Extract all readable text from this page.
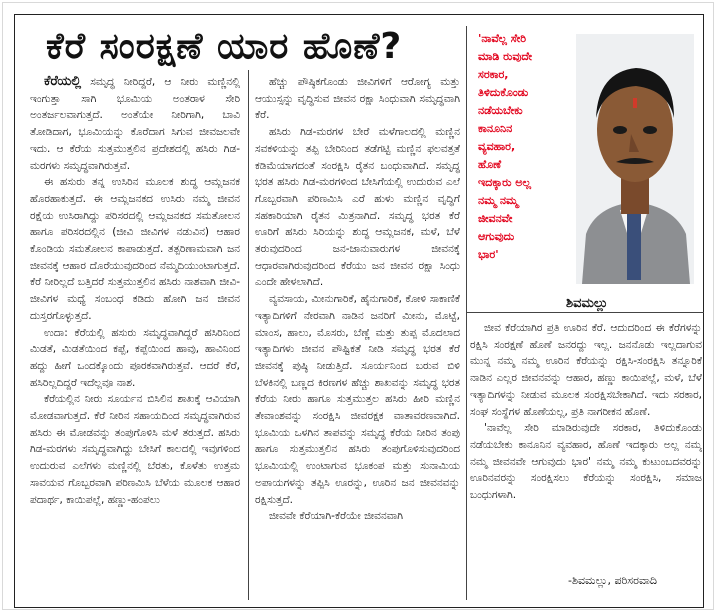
ಕೆರೆ ಸಂರಕ್ಷಣೆ ಯಾರ ಹೊಣೆ?

ಕೆರೆಯಲ್ಲಿ ಸಮೃದ್ಧ ನೀರಿದ್ದರೆ, ಆ ನೀರು ಮಣ್ಣಿನಲ್ಲಿ ಇಂಗುತ್ತಾ ಸಾಗಿ ಭೂಮಿಯ ಅಂತರಾಳ ಸೇರಿ ಅಂತರ್ಜಲವಾಗುತ್ತದೆ. ಅಂತೆಯೇ ನೀರಿಗಾಗಿ, ಬಾವಿ ತೋಡಿದಾಗ, ಭೂಮಿಯನ್ನು ಕೊರೆದಾಗ ಸಿಗುವ ಜೀವಜಲವೇ ಇದು. ಆ ಕೆರೆಯ ಸುತ್ತಮುತ್ತಲಿನ ಪ್ರದೇಶದಲ್ಲಿ ಹಸಿರು ಗಿಡ-ಮರಗಳು ಸಮೃದ್ಧವಾಗಿರುತ್ತವೆ.

ಈ ಹಸುರು ತನ್ನ ಉಸಿರಿನ ಮೂಲಕ ಶುದ್ಧ ಆಮ್ಲಜನಕ ಹೊರಹಾಕುತ್ತದೆ. ಈ ಆಮ್ಲಜನಕದ ಉಸಿರು ನಮ್ಮ ಜೀವನ ರಕ್ಷೆಯ ಉಸಿರಾಗಿದ್ದು ಪರಿಸರದಲ್ಲಿ ಆಮ್ಲಜನಕದ ಸಮತೋಲನ ಹಾಗೂ ಪರಿಸರದಲ್ಲಿನ (ಜೀವಿ ಜೀವಿಗಳ ನಡುವಿನ) ಆಹಾರ ಕೊಂಡಿಯ ಸಮತೋಲನ ಕಾಪಾಡುತ್ತದೆ. ತತ್ಪರಿಣಾಮವಾಗಿ ಜನ ಜೀವನಕ್ಕೆ ಆಹಾರ ದೊರೆಯುವುದರಿಂದ ನೆಮ್ಮದಿಯುಂಟಾಗುತ್ತದೆ. ಕೆರೆ ನೀರಿಲ್ಲದೆ ಬತ್ತಿದರೆ ಸುತ್ತಮುತ್ತಲಿನ ಹಸಿರು ನಾಶವಾಗಿ ಜೀವಿ-ಜೀವಿಗಳ ಮಧ್ಯೆ ಸಂಬಂಧ ಕಡಿದು ಹೋಗಿ ಜನ ಜೀವನ ದುಸ್ತರಗೊಳ್ಳುತ್ತದೆ.

ಉದಾ: ಕೆರೆಯಲ್ಲಿ ಹಸುರು ಸಮೃದ್ಧವಾಗಿದ್ದರೆ ಹಸಿರಿನಿಂದ ಮಿಡತೆ, ಮಿಡತೆಯಿಂದ ಕಪ್ಪೆ, ಕಪ್ಪೆಯಿಂದ ಹಾವು, ಹಾವಿನಿಂದ ಹದ್ದು ಹೀಗೆ ಒಂದಕ್ಕೊಂದು ಪೂರಕವಾಗಿರುತ್ತವೆ. ಆದರೆ ಕೆರೆ, ಹಸಿರಿಲ್ಲದಿದ್ದರೆ ಇದೆಲ್ಲವೂ ನಾಶ.

ಕೆರೆಯಲ್ಲಿನ ನೀರು ಸೂರ್ಯನ ಬಿಸಿಲಿನ ಶಾಖಕ್ಕೆ ಆವಿಯಾಗಿ ಮೋಡವಾಗುತ್ತದೆ. ಕೆರೆ ನೀರಿನ ಸಹಾಯದಿಂದ ಸಮೃದ್ಧವಾಗಿರುವ ಹಸಿರು ಈ ಮೋಡವನ್ನು ತಂಪುಗೊಳಿಸಿ ಮಳೆ ತರುತ್ತದೆ. ಹಸಿರು ಗಿಡ-ಮರಗಳು ಸಮೃದ್ಧವಾಗಿದ್ದು ಬೇಸಿಗೆ ಕಾಲದಲ್ಲಿ ಇವುಗಳಿಂದ ಉದುರುವ ಎಲೆಗಳು ಮಣ್ಣಿನಲ್ಲಿ ಬೆರತು, ಕೊಳೆತು ಉತ್ತಮ ಸಾವಯವ ಗೊಬ್ಬರವಾಗಿ ಪರಿಣಮಿಸಿ ಬೆಳೆಯ ಮೂಲಕ ಆಹಾರ ಪದಾರ್ಥ, ಕಾಯಿಪಲ್ಲೆ, ಹಣ್ಣು-ಹಂಪಲು

ಹೆಚ್ಚು ಪೌಷ್ಠಿಕಗೊಂಡು ಜೀವಿಗಳಿಗೆ ಆರೋಗ್ಯ ಮತ್ತು ಆಯುಸ್ಸನ್ನು ವೃದ್ಧಿಸುವ ಜೀವನ ರಕ್ಷಾ ಸಿಂಧುವಾಗಿ ಸಮೃದ್ಧವಾಗಿ ಕೆರೆ.

ಹಸಿರು ಗಿಡ-ಮರಗಳ ಬೇರೆ ಮಳೆಗಾಲದಲ್ಲಿ ಮಣ್ಣಿನ ಸವಕಳಿಯನ್ನು ತಪ್ಪಿ ಬೇರಿನಿಂದ ತಡೆಗಟ್ಟಿ ಮಣ್ಣಿನ ಫಲವತ್ತತೆ ಕಡಿಮೆಯಾಗದಂತೆ ಸಂರಕ್ಷಿಸಿ ರೈತನ ಬಂಧುವಾಗಿದೆ. ಸಮೃದ್ಧ ಭರತ ಹಸಿರು ಗಿಡ-ಮರಗಳಿಂದ ಬೇಸಿಗೆಯಲ್ಲಿ ಉದುರುವ ಎಲೆ ಗೊಬ್ಬರವಾಗಿ ಪರಿಣಮಿಸಿ ಎರೆ ಹುಳು ಮಣ್ಣಿನ ವೃದ್ಧಿಗೆ ಸಹಕಾರಿಯಾಗಿ ರೈತನ ಮಿತ್ರನಾಗಿದೆ. ಸಮೃದ್ಧ ಭರತ ಕೆರೆ ಊರಿಗೆ ಹಸಿರು ಸಿರಿಯನ್ನು ಶುದ್ಧ ಆಮ್ಲಜನಕ, ಮಳೆ, ಬೆಳೆ ತರುವುದರಿಂದ ಜನ-ಜಾನುವಾರುಗಳ ಜೀವನಕ್ಕೆ ಆಧಾರವಾಗಿರುವುದರಿಂದ ಕೆರೆಯು ಜನ ಜೀವನ ರಕ್ಷಾ ಸಿಂಧು ಎಂದೇ ಹೇಳಲಾಗಿದೆ.

ವ್ಯವಸಾಯ, ಮೀನುಗಾರಿಕೆ, ಹೈನುಗಾರಿಕೆ, ಕೋಳಿ ಸಾಕಾಣಿಕೆ ಇತ್ಯಾದಿಗಳಿಗೆ ನೇರವಾಗಿ ನಾಡಿನ ಜನರಿಗೆ ಮೀನು, ಮೊಟ್ಟೆ, ಮಾಂಸ, ಹಾಲು, ಮೊಸರು, ಬೆಣ್ಣೆ ಮತ್ತು ತುಪ್ಪ ಮೊದಲಾದ ಇತ್ಯಾದಿಗಳು ಜೀವನ ಪೌಷ್ಟಿಕತೆ ನೀಡಿ ಸಮೃದ್ಧ ಭರತ ಕೆರೆ ಜೀವನಕ್ಕೆ ಪುಷ್ಠಿ ನೀಡುತ್ತಿದೆ. ಸೂರ್ಯನಿಂದ ಬರುವ ಬಿಳಿ ಬೆಳಕಿನಲ್ಲಿ ಬಣ್ಣದ ಕಿರಣಗಳ ಹೆಚ್ಚು ಶಾಖವನ್ನು ಸಮೃದ್ಧ ಭರತ ಕೆರೆಯ ನೀರು ಹಾಗೂ ಸುತ್ತಮುತ್ತಲ ಹಸಿರು ಹೀರಿ ಮಣ್ಣಿನ ತೇವಾಂಶವನ್ನು ಸಂರಕ್ಷಿಸಿ ಜೀವರಕ್ಷಕ ವಾತಾವರಣವಾಗಿದೆ. ಭೂಮಿಯ ಒಳಗಿನ ತಾಪವನ್ನು ಸಮೃದ್ಧ ಕೆರೆಯ ನೀರಿನ ತಂಪು ಹಾಗೂ ಸುತ್ತಮುತ್ತಲಿನ ಹಸಿರು ತಂಪುಗೊಳಿಸುವುದರಿಂದ ಭೂಮಿಯಲ್ಲಿ ಉಂಟಾಗುವ ಭೂಕಂಪ ಮತ್ತು ಸುನಾಮಿಯ ಅಪಾಯಗಳನ್ನು ತಪ್ಪಿಸಿ ಊರನ್ನು, ಊರಿನ ಜನ ಜೀವನವನ್ನು ರಕ್ಷಿಸುತ್ತದೆ.

ಜೀವವೇ ಕೆರೆಯಾಗಿ-ಕೆರೆಯೇ ಜೀವನವಾಗಿ

'ನಾವೆಲ್ಲ ಸೇರಿ
ಮಾಡಿ ರುವುದೇ
ಸರಕಾರ,
ತಿಳಿದುಕೊಂಡು
ನಡೆಯಬೇಕು
ಕಾನೂನಿನ
ವ್ಯವಹಾರ,
ಹೊಣೆ
ಇದಕ್ಕಾರು ಅಲ್ಲ
ನಮ್ಮ ನಮ್ಮ
ಜೀವನವೇ
ಆಗುವುದು
ಭಾರ'
ಶಿವಮಲ್ಲು

ಜೀವ ಕೆರೆಯಾಗಿರ ಪ್ರತಿ ಊರಿನ ಕೆರೆ. ಆದುದರಿಂದ ಈ ಕೆರೆಗಳನ್ನು ರಕ್ಷಿಸಿ ಸಂರಕ್ಷಣೆ ಹೊಣೆ ಜನರದ್ದು ಇಲ್ಲ. ಜನನೊಡು ಇಲ್ಲದಾಗುವ ಮುನ್ನ ನಮ್ಮ ನಮ್ಮ ಊರಿನ ಕೆರೆಯನ್ನು ರಕ್ಷಿಸಿ-ಸಂರಕ್ಷಿಸಿ ತನ್ನೂರಿಕೆ ನಾಡಿನ ಎಲ್ಲರ ಜೀವನವನ್ನು ಆಹಾರ, ಹಣ್ಣು ಕಾಯಿಪಲ್ಲೆ, ಮಳೆ, ಬೆಳೆ ಇತ್ಯಾದಿಗಳನ್ನು ನೀಡುವ ಮೂಲಕ ಸಂರಕ್ಷಿಸಬೇಕಾಗಿದೆ. ಇದು ಸರಕಾರ, ಸಂಘ ಸಂಸ್ಥೆಗಳ ಹೊಣೆಯಲ್ಲ, ಪ್ರತಿ ನಾಗರೀಕನ ಹೊಣೆ.

'ನಾವೆಲ್ಲ ಸೇರಿ ಮಾಡಿರುವುದೇ ಸರಕಾರ, ತಿಳಿದುಕೊಂಡು ನಡೆಯಬೇಕು ಕಾನೂನಿನ ವ್ಯವಹಾರ, ಹೊಣೆ ಇದಕ್ಕಾರು ಅಲ್ಲ ನಮ್ಮ ನಮ್ಮ ಜೀವನವೇ ಆಗುವುದು ಭಾರ' ನಮ್ಮ ನಮ್ಮ ಕುಟುಂಬದವರನ್ನು ಊರಿನವರನ್ನು ಸಂರಕ್ಷಿಸಲು ಕೆರೆಯನ್ನು ಸಂರಕ್ಷಿಸಿ, ಸಮಾಜ ಬಂಧುಗಳಾಗಿ.

-ಶಿವಮಲ್ಲು, ಪರಿಸರವಾದಿ
